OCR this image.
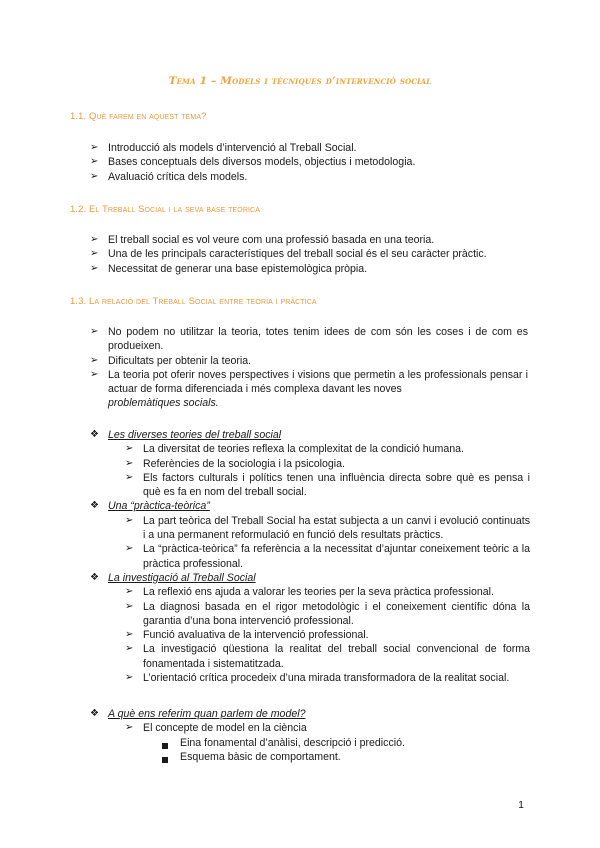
Tema 1 – Models i tècniques d’intervenció social
1.1. Què farem en aquest tema?
➢ Introducció als models d’intervenció al Treball Social.
➢ Bases conceptuals dels diversos models, objectius i metodologia.
➢ Avaluació crítica dels models.
1.2. El Treball Social i la seva base teòrica
➢ El treball social es vol veure com una professió basada en una teoria.
➢ Una de les principals característiques del treball social és el seu caràcter pràctic.
➢ Necessitat de generar una base epistemològica pròpia.
1.3. La relació del Treball Social entre teoria i pràctica
➢ No podem no utilitzar la teoria, totes tenim idees de com són les coses i de com es produeixen.
➢ Dificultats per obtenir la teoria.
➢ La teoria pot oferir noves perspectives i visions que permetin a les professionals pensar i actuar de forma diferenciada i més complexa davant les noves
problemàtiques socials.
❖ Les diverses teories del treball social
➢ La diversitat de teories reflexa la complexitat de la condició humana.
➢ Referències de la sociologia i la psicologia.
➢ Els factors culturals i polítics tenen una influència directa sobre què es pensa i què es fa en nom del treball social.
❖ Una “pràctica-teòrica”
➢ La part teòrica del Treball Social ha estat subjecta a un canvi i evolució continuats i a una permanent reformulació en funció dels resultats pràctics.
➢ La “pràctica-teòrica” fa referència a la necessitat d’ajuntar coneixement teòric a la pràctica professional.
❖ La investigació al Treball Social
➢ La reflexió ens ajuda a valorar les teories per la seva pràctica professional.
➢ La diagnosi basada en el rigor metodològic i el coneixement científic dóna la garantia d’una bona intervenció professional.
➢ Funció avaluativa de la intervenció professional.
➢ La investigació qüestiona la realitat del treball social convencional de forma fonamentada i sistematitzada.
➢ L’orientació crítica procedeix d’una mirada transformadora de la realitat social.
❖ A què ens referim quan parlem de model?
➢ El concepte de model en la ciència
Eina fonamental d’anàlisi, descripció i predicció.
Esquema bàsic de comportament.
1
